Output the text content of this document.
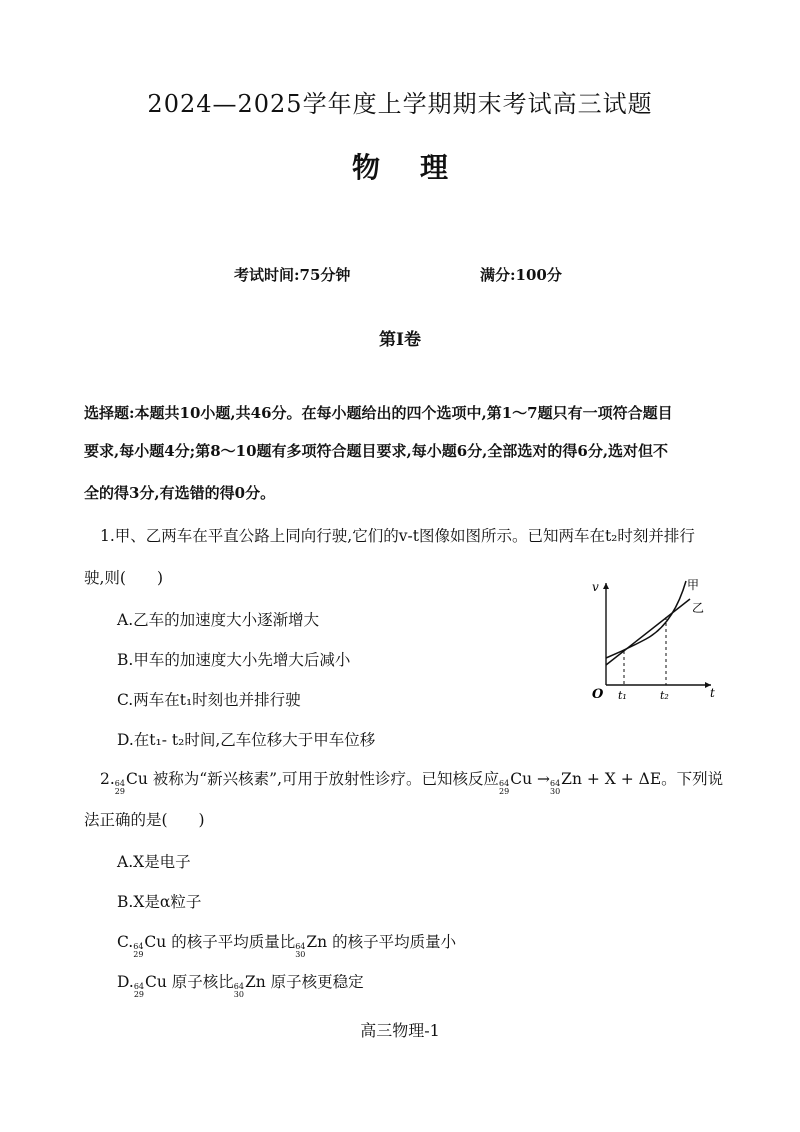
2024—2025学年度上学期期末考试高三试题
物理
考试时间:75分钟	满分:100分
第I卷
选择题:本题共10小题,共46分。在每小题给出的四个选项中,第1～7题只有一项符合题目
要求,每小题4分;第8～10题有多项符合题目要求,每小题6分,全部选对的得6分,选对但不
全的得3分,有选错的得0分。
1.甲、乙两车在平直公路上同向行驶,它们的v-t图像如图所示。已知两车在t₂时刻并排行
驶,则(　　)
A.乙车的加速度大小逐渐增大
B.甲车的加速度大小先增大后减小
C.两车在t₁时刻也并排行驶
D.在t₁- t₂时间,乙车位移大于甲车位移
v
t
O t₁	t₂
甲
乙
2. 64
29
Cu 被称为“新兴核素”,可用于放射性诊疗。已知核反应 64
29
Cu → 64
30
Zn + X + ΔE。下列说
法正确的是(　　)
A.X是电子
B.X是α粒子
C. 64
29
Cu 的核子平均质量比 64
30
Zn 的核子平均质量小
D. 64
29
Cu 原子核比 64
30
Zn 原子核更稳定
高三物理-1
